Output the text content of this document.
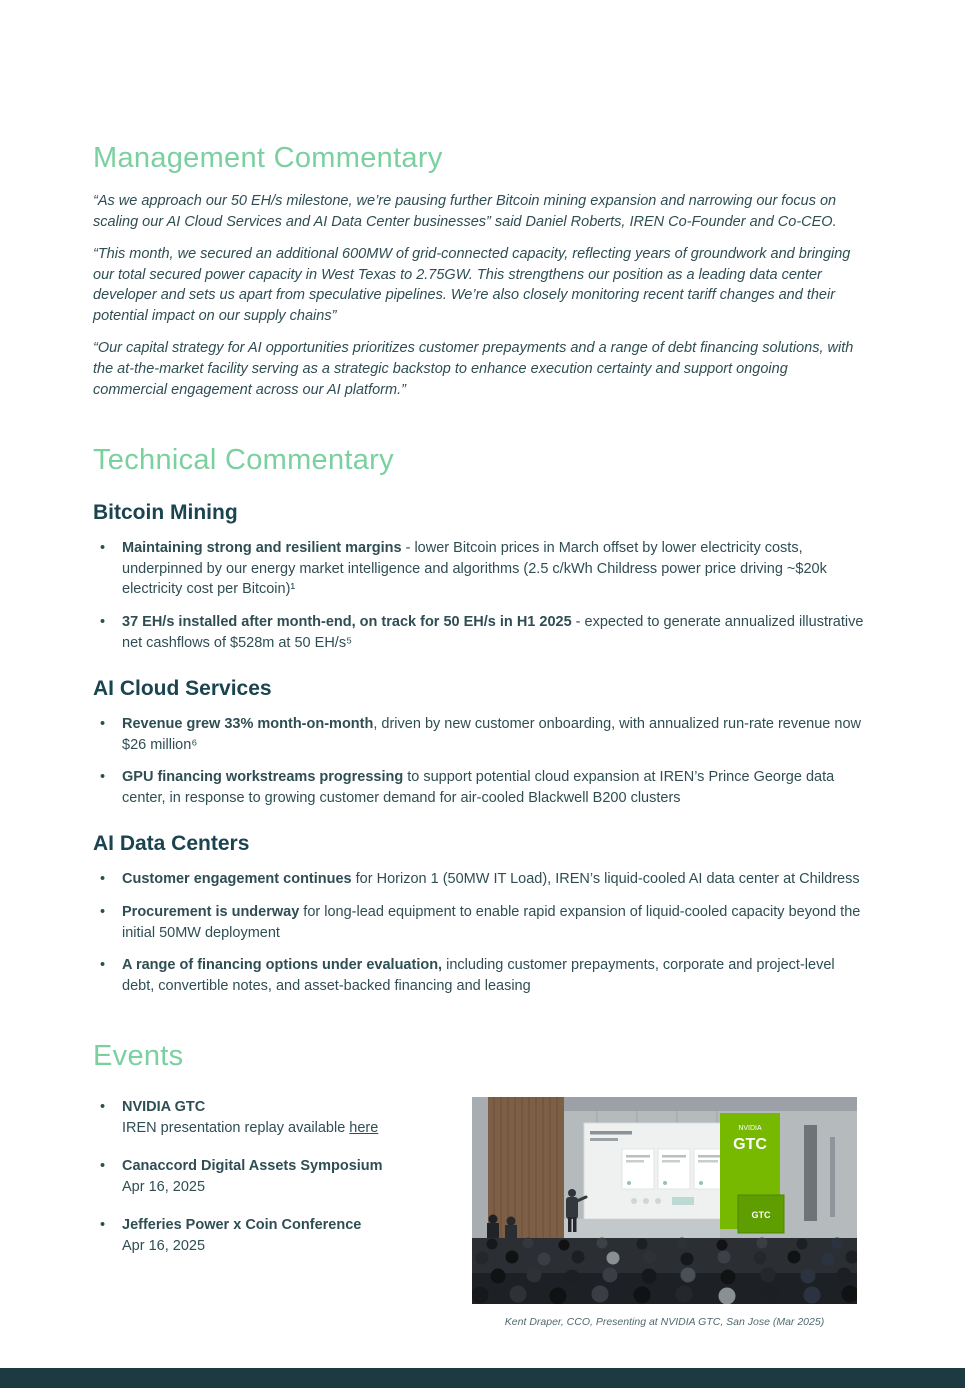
Management Commentary

“As we approach our 50 EH/s milestone, we’re pausing further Bitcoin mining expansion and narrowing our focus on scaling our AI Cloud Services and AI Data Center businesses” said Daniel Roberts, IREN Co-Founder and Co-CEO.

“This month, we secured an additional 600MW of grid-connected capacity, reflecting years of groundwork and bringing our total secured power capacity in West Texas to 2.75GW. This strengthens our position as a leading data center developer and sets us apart from speculative pipelines. We’re also closely monitoring recent tariff changes and their potential impact on our supply chains”

“Our capital strategy for AI opportunities prioritizes customer prepayments and a range of debt financing solutions, with the at-the-market facility serving as a strategic backstop to enhance execution certainty and support ongoing commercial engagement across our AI platform.”

Technical Commentary
Bitcoin Mining
• Maintaining strong and resilient margins - lower Bitcoin prices in March offset by lower electricity costs, underpinned by our energy market intelligence and algorithms (2.5 c/kWh Childress power price driving ~$20k electricity cost per Bitcoin)¹
• 37 EH/s installed after month-end, on track for 50 EH/s in H1 2025 - expected to generate annualized illustrative net cashflows of $528m at 50 EH/s⁵
AI Cloud Services
• Revenue grew 33% month-on-month, driven by new customer onboarding, with annualized run-rate revenue now $26 million⁶
• GPU financing workstreams progressing to support potential cloud expansion at IREN’s Prince George data center, in response to growing customer demand for air-cooled Blackwell B200 clusters
AI Data Centers
• Customer engagement continues for Horizon 1 (50MW IT Load), IREN’s liquid-cooled AI data center at Childress
• Procurement is underway for long-lead equipment to enable rapid expansion of liquid-cooled capacity beyond the initial 50MW deployment
• A range of financing options under evaluation, including customer prepayments, corporate and project-level debt, convertible notes, and asset-backed financing and leasing
Events
• NVIDIA GTC
IREN presentation replay available here
• Canaccord Digital Assets Symposium
Apr 16, 2025
• Jefferies Power x Coin Conference
Apr 16, 2025
NVIDIA
GTC
GTC
Kent Draper, CCO, Presenting at NVIDIA GTC, San Jose (Mar 2025)
